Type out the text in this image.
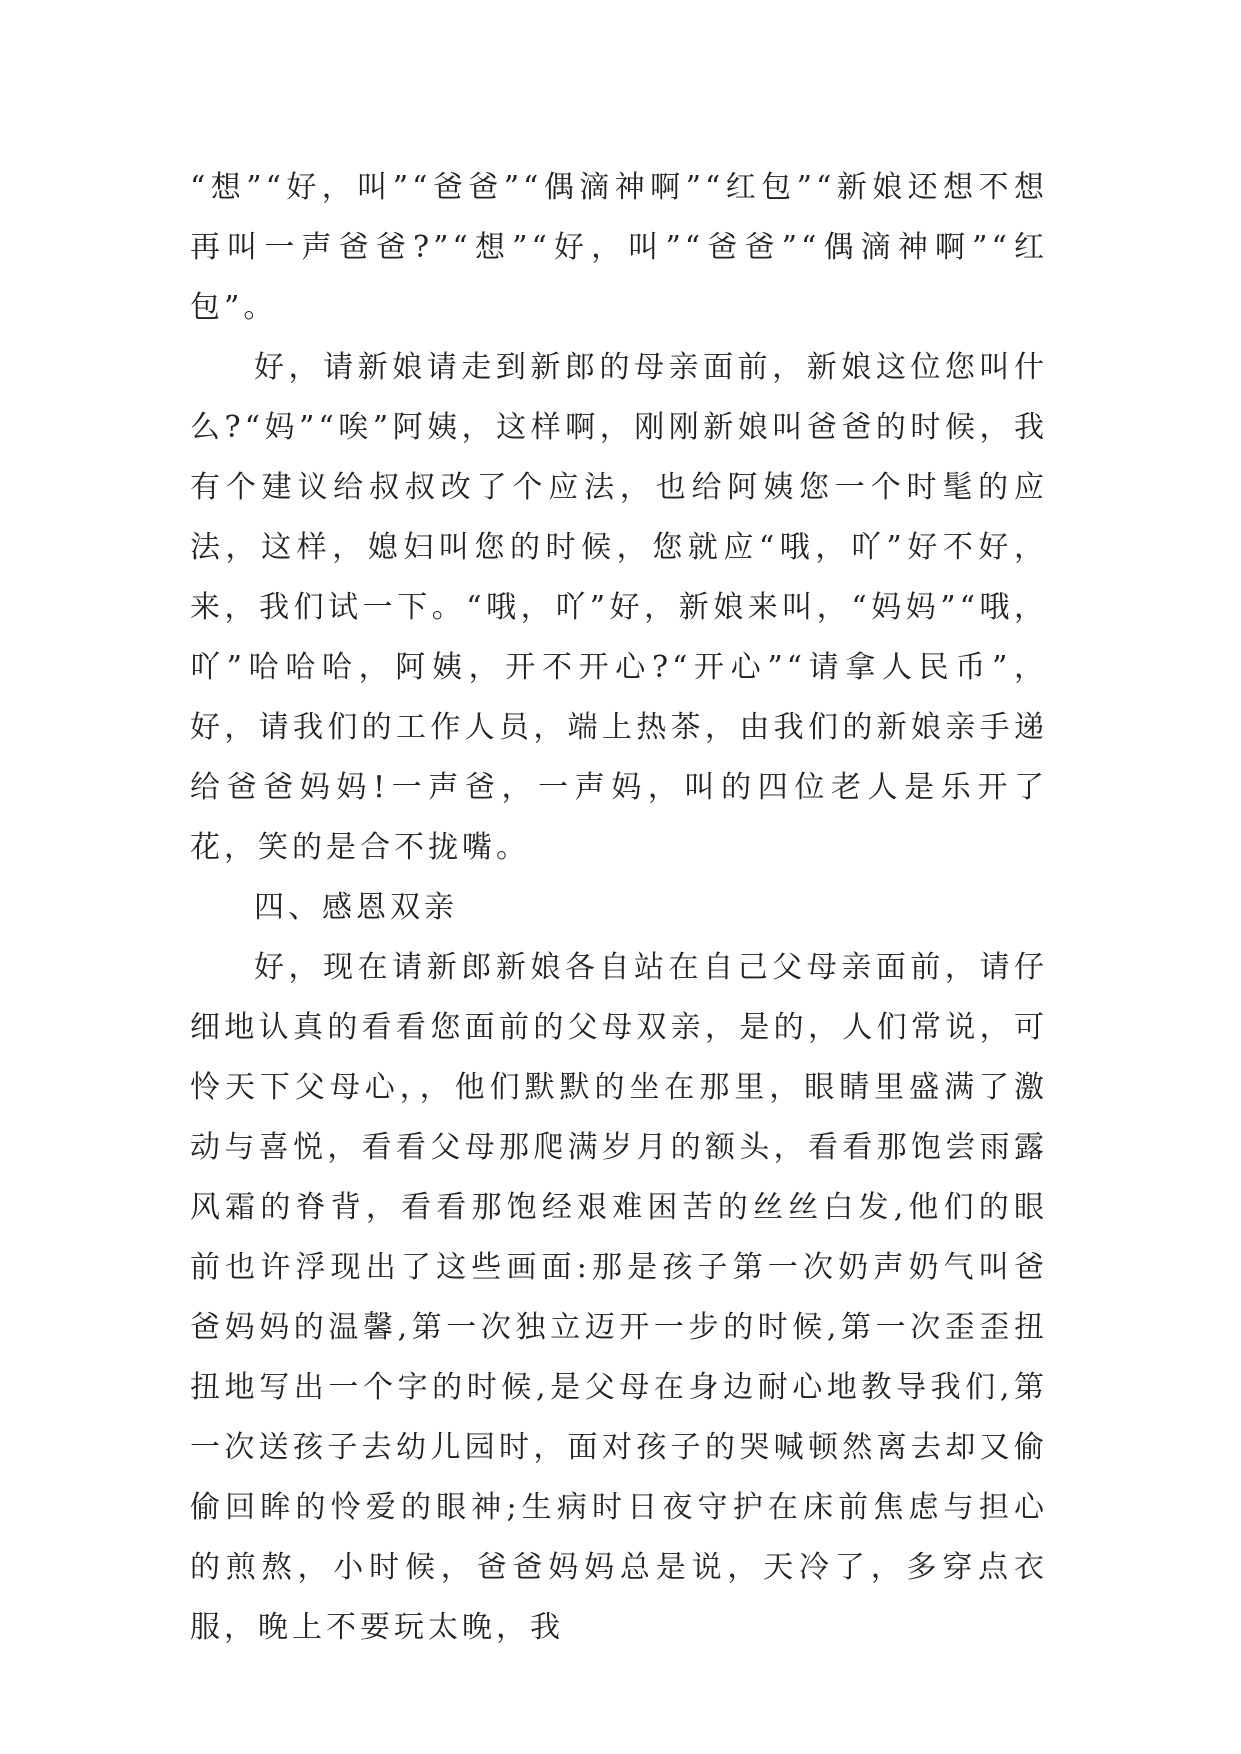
“想”“好，叫”“爸爸”“偶滴神啊”“红包”“新娘还想不想再叫一声爸爸?”“想”“好，叫”“爸爸”“偶滴神啊”“红包”。

好，请新娘请走到新郎的母亲面前，新娘这位您叫什么?“妈”“唉”阿姨，这样啊，刚刚新娘叫爸爸的时候，我有个建议给叔叔改了个应法，也给阿姨您一个时髦的应法，这样，媳妇叫您的时候，您就应“哦，吖”好不好，来，我们试一下。“哦，吖”好，新娘来叫，“妈妈”“哦，吖”哈哈哈，阿姨，开不开心?“开心”“请拿人民币”，好，请我们的工作人员，端上热茶，由我们的新娘亲手递给爸爸妈妈!一声爸，一声妈，叫的四位老人是乐开了花，笑的是合不拢嘴。

四、感恩双亲

好，现在请新郎新娘各自站在自己父母亲面前，请仔细地认真的看看您面前的父母双亲，是的，人们常说，可怜天下父母心，，他们默默的坐在那里，眼睛里盛满了激动与喜悦，看看父母那爬满岁月的额头，看看那饱尝雨露风霜的脊背，看看那饱经艰难困苦的丝丝白发,他们的眼前也许浮现出了这些画面:那是孩子第一次奶声奶气叫爸爸妈妈的温馨,第一次独立迈开一步的时候,第一次歪歪扭扭地写出一个字的时候,是父母在身边耐心地教导我们,第一次送孩子去幼儿园时，面对孩子的哭喊顿然离去却又偷偷回眸的怜爱的眼神;生病时日夜守护在床前焦虑与担心的煎熬，小时候，爸爸妈妈总是说，天冷了，多穿点衣服，晚上不要玩太晚，我
